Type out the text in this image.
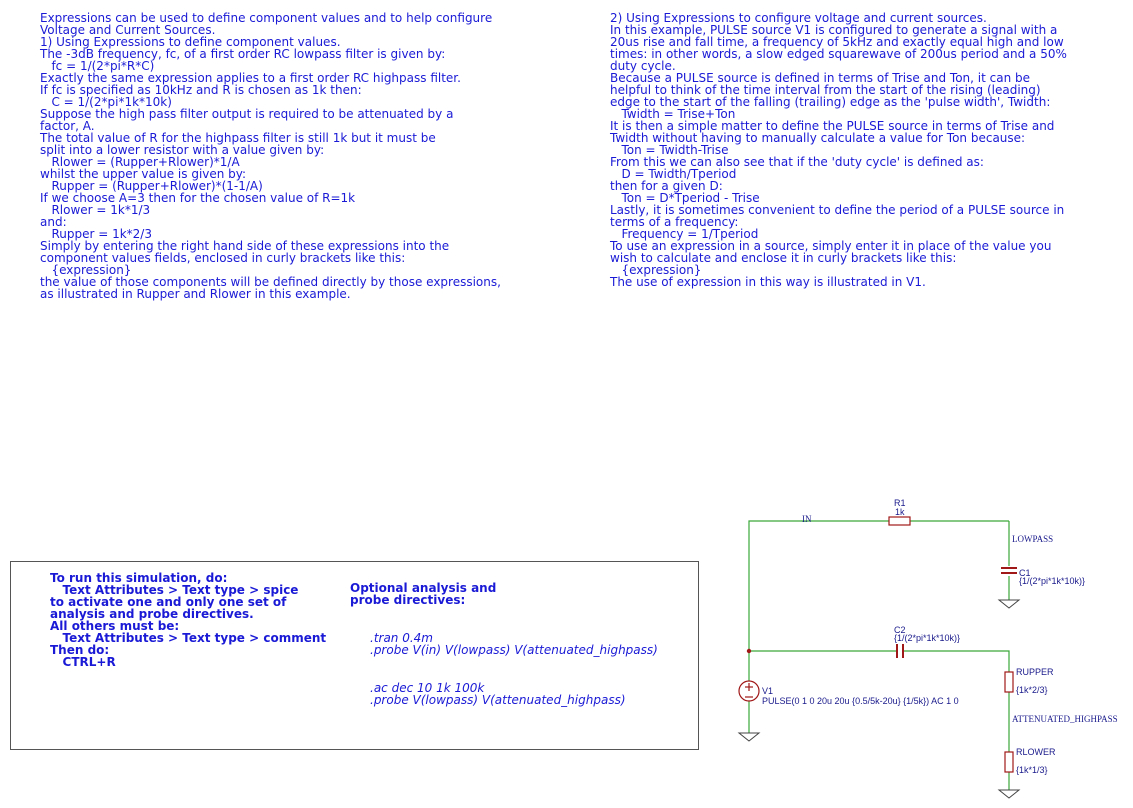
Expressions can be used to define component values and to help configure
Voltage and Current Sources.
1) Using Expressions to define component values.
The -3dB frequency, fc, of a first order RC lowpass filter is given by:
fc = 1/(2*pi*R*C)
Exactly the same expression applies to a first order RC highpass filter.
If fc is specified as 10kHz and R is chosen as 1k then:
C = 1/(2*pi*1k*10k)
Suppose the high pass filter output is required to be attenuated by a
factor, A.
The total value of R for the highpass filter is still 1k but it must be
split into a lower resistor with a value given by:
Rlower = (Rupper+Rlower)*1/A
whilst the upper value is given by:
Rupper = (Rupper+Rlower)*(1-1/A)
If we choose A=3 then for the chosen value of R=1k
Rlower = 1k*1/3
and:
Rupper = 1k*2/3
Simply by entering the right hand side of these expressions into the
component values fields, enclosed in curly brackets like this:
{expression}
the value of those components will be defined directly by those expressions,
as illustrated in Rupper and Rlower in this example.
2) Using Expressions to configure voltage and current sources.
In this example, PULSE source V1 is configured to generate a signal with a
20us rise and fall time, a frequency of 5kHz and exactly equal high and low
times: in other words, a slow edged squarewave of 200us period and a 50%
duty cycle.
Because a PULSE source is defined in terms of Trise and Ton, it can be
helpful to think of the time interval from the start of the rising (leading)
edge to the start of the falling (trailing) edge as the 'pulse width', Twidth:
Twidth = Trise+Ton
It is then a simple matter to define the PULSE source in terms of Trise and
Twidth without having to manually calculate a value for Ton because:
Ton = Twidth-Trise
From this we can also see that if the 'duty cycle' is defined as:
D = Twidth/Tperiod
then for a given D:
Ton = D*Tperiod - Trise
Lastly, it is sometimes convenient to define the period of a PULSE source in
terms of a frequency:
Frequency = 1/Tperiod
To use an expression in a source, simply enter it in place of the value you
wish to calculate and enclose it in curly brackets like this:
{expression}
The use of expression in this way is illustrated in V1.
To run this simulation, do:
Text Attributes > Text type > spice
to activate one and only one set of
analysis and probe directives.
All others must be:
Text Attributes > Text type > comment
Then do:
CTRL+R
Optional analysis and
probe directives:
.tran 0.4m
.probe V(in) V(lowpass) V(attenuated_highpass)
.ac dec 10 1k 100k
.probe V(lowpass) V(attenuated_highpass)
IN
LOWPASS
ATTENUATED_HIGHPASS
R1
1k
C1
{1/(2*pi*1k*10k)}
C2
{1/(2*pi*1k*10k)}
RUPPER
{1k*2/3}
RLOWER
{1k*1/3}
V1
PULSE(0 1 0 20u 20u {0.5/5k-20u} {1/5k}) AC 1 0
